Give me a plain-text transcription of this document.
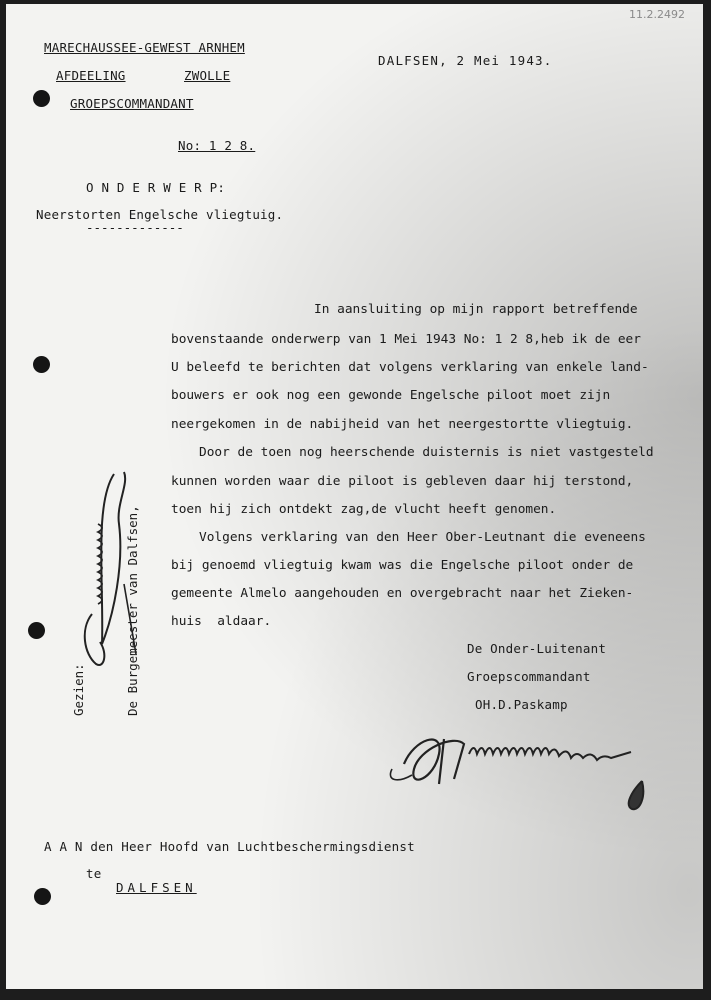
11.2.2492
MARECHAUSSEE-GEWEST ARNHEM
AFDEELING	ZWOLLE
GROEPSCOMMANDANT
DALFSEN, 2 Mei 1943.
No: 1 2 8.
O N D E R W E R P:
Neerstorten Engelsche vliegtuig.
-------------
In aansluiting op mijn rapport betreffende
bovenstaande onderwerp van 1 Mei 1943 No: 1 2 8,heb ik de eer
U beleefd te berichten dat volgens verklaring van enkele land-
bouwers er ook nog een gewonde Engelsche piloot moet zijn
neergekomen in de nabijheid van het neergestortte vliegtuig.
Door de toen nog heerschende duisternis is niet vastgesteld
kunnen worden waar die piloot is gebleven daar hij terstond,
toen hij zich ontdekt zag,de vlucht heeft genomen.
Volgens verklaring van den Heer Ober-Leutnant die eveneens
bij genoemd vliegtuig kwam was die Engelsche piloot onder de
gemeente Almelo aangehouden en overgebracht naar het Zieken-
huis  aldaar.
De Onder-Luitenant
Groepscommandant
OH.D.Paskamp

Gezien:

	De Burgemeester van Dalfsen,

A A N den Heer Hoofd van Luchtbeschermingsdienst
te
DALFSEN
